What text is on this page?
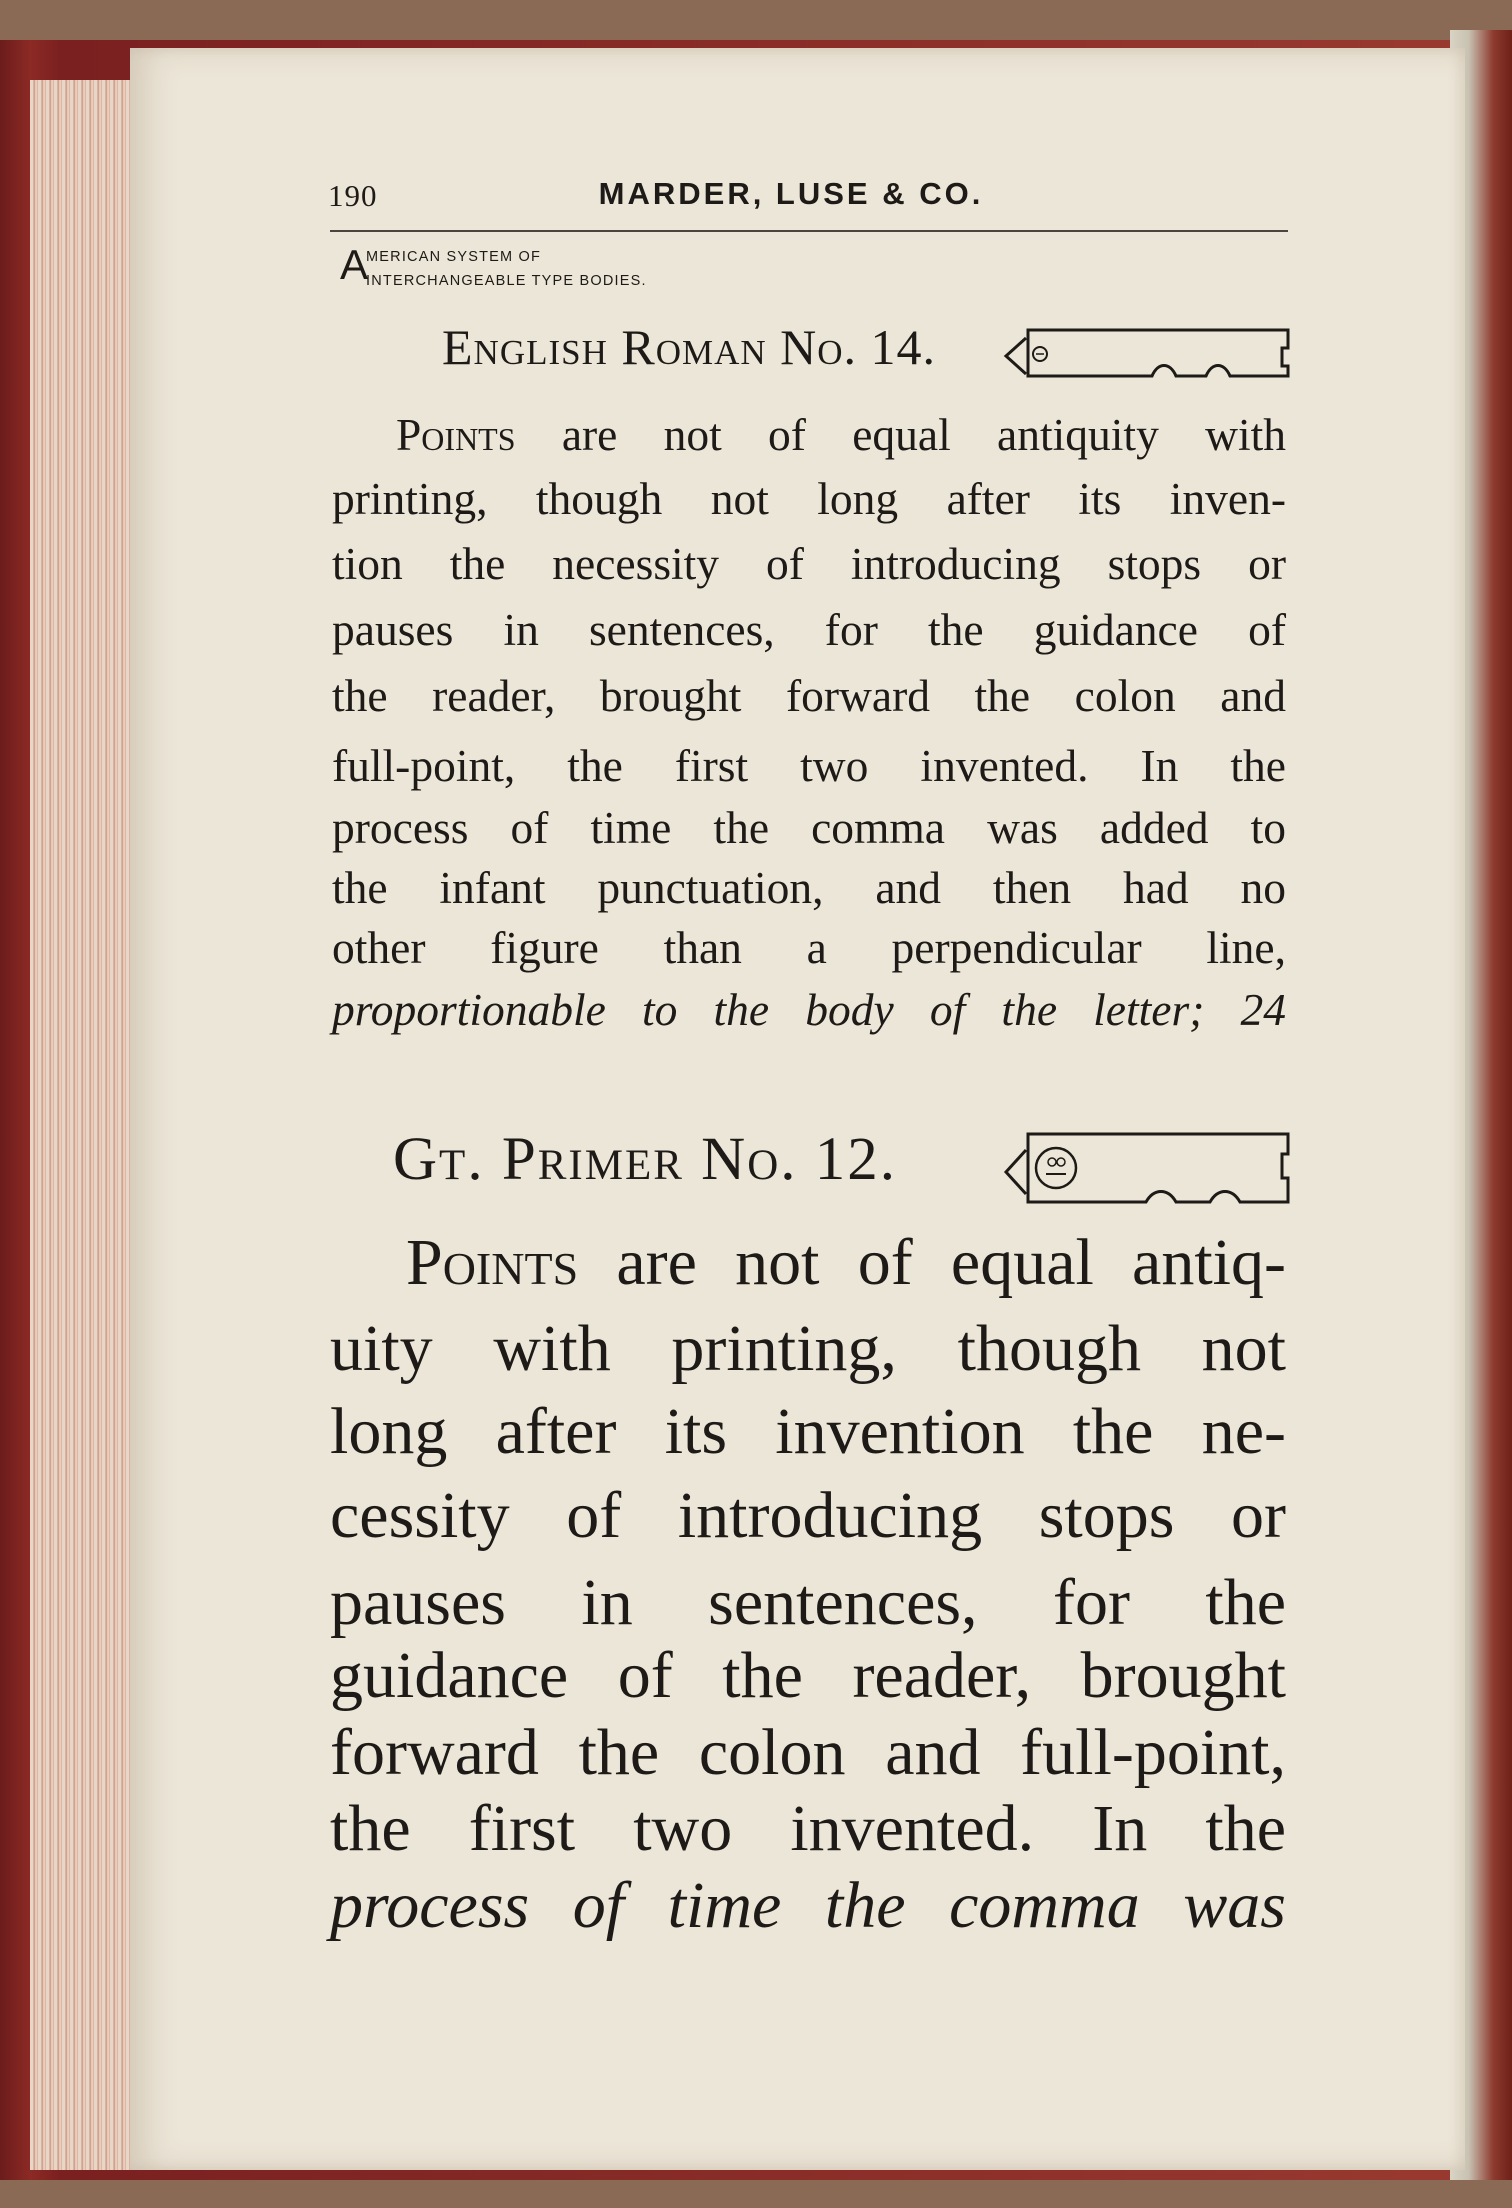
190	MARDER, LUSE & CO.

A

MERICAN SYSTEM OF

INTERCHANGEABLE TYPE BODIES.

English Roman No. 14.

Points are not of equal antiquity with

printing, though not long after its inven-

tion the necessity of introducing stops or

pauses in sentences, for the guidance of

the reader, brought forward the colon and

full-point, the first two invented. In the

process of time the comma was added to

the infant punctuation, and then had no

other figure than a perpendicular line,

proportionable to the body of the letter; 24

Gt. Primer No. 12.

Points are not of equal antiq-

uity with printing, though not

long after its invention the ne-

cessity of introducing stops or

pauses in sentences, for the

guidance of the reader, brought

forward the colon and full-point,

the first two invented. In the

process of time the comma was
